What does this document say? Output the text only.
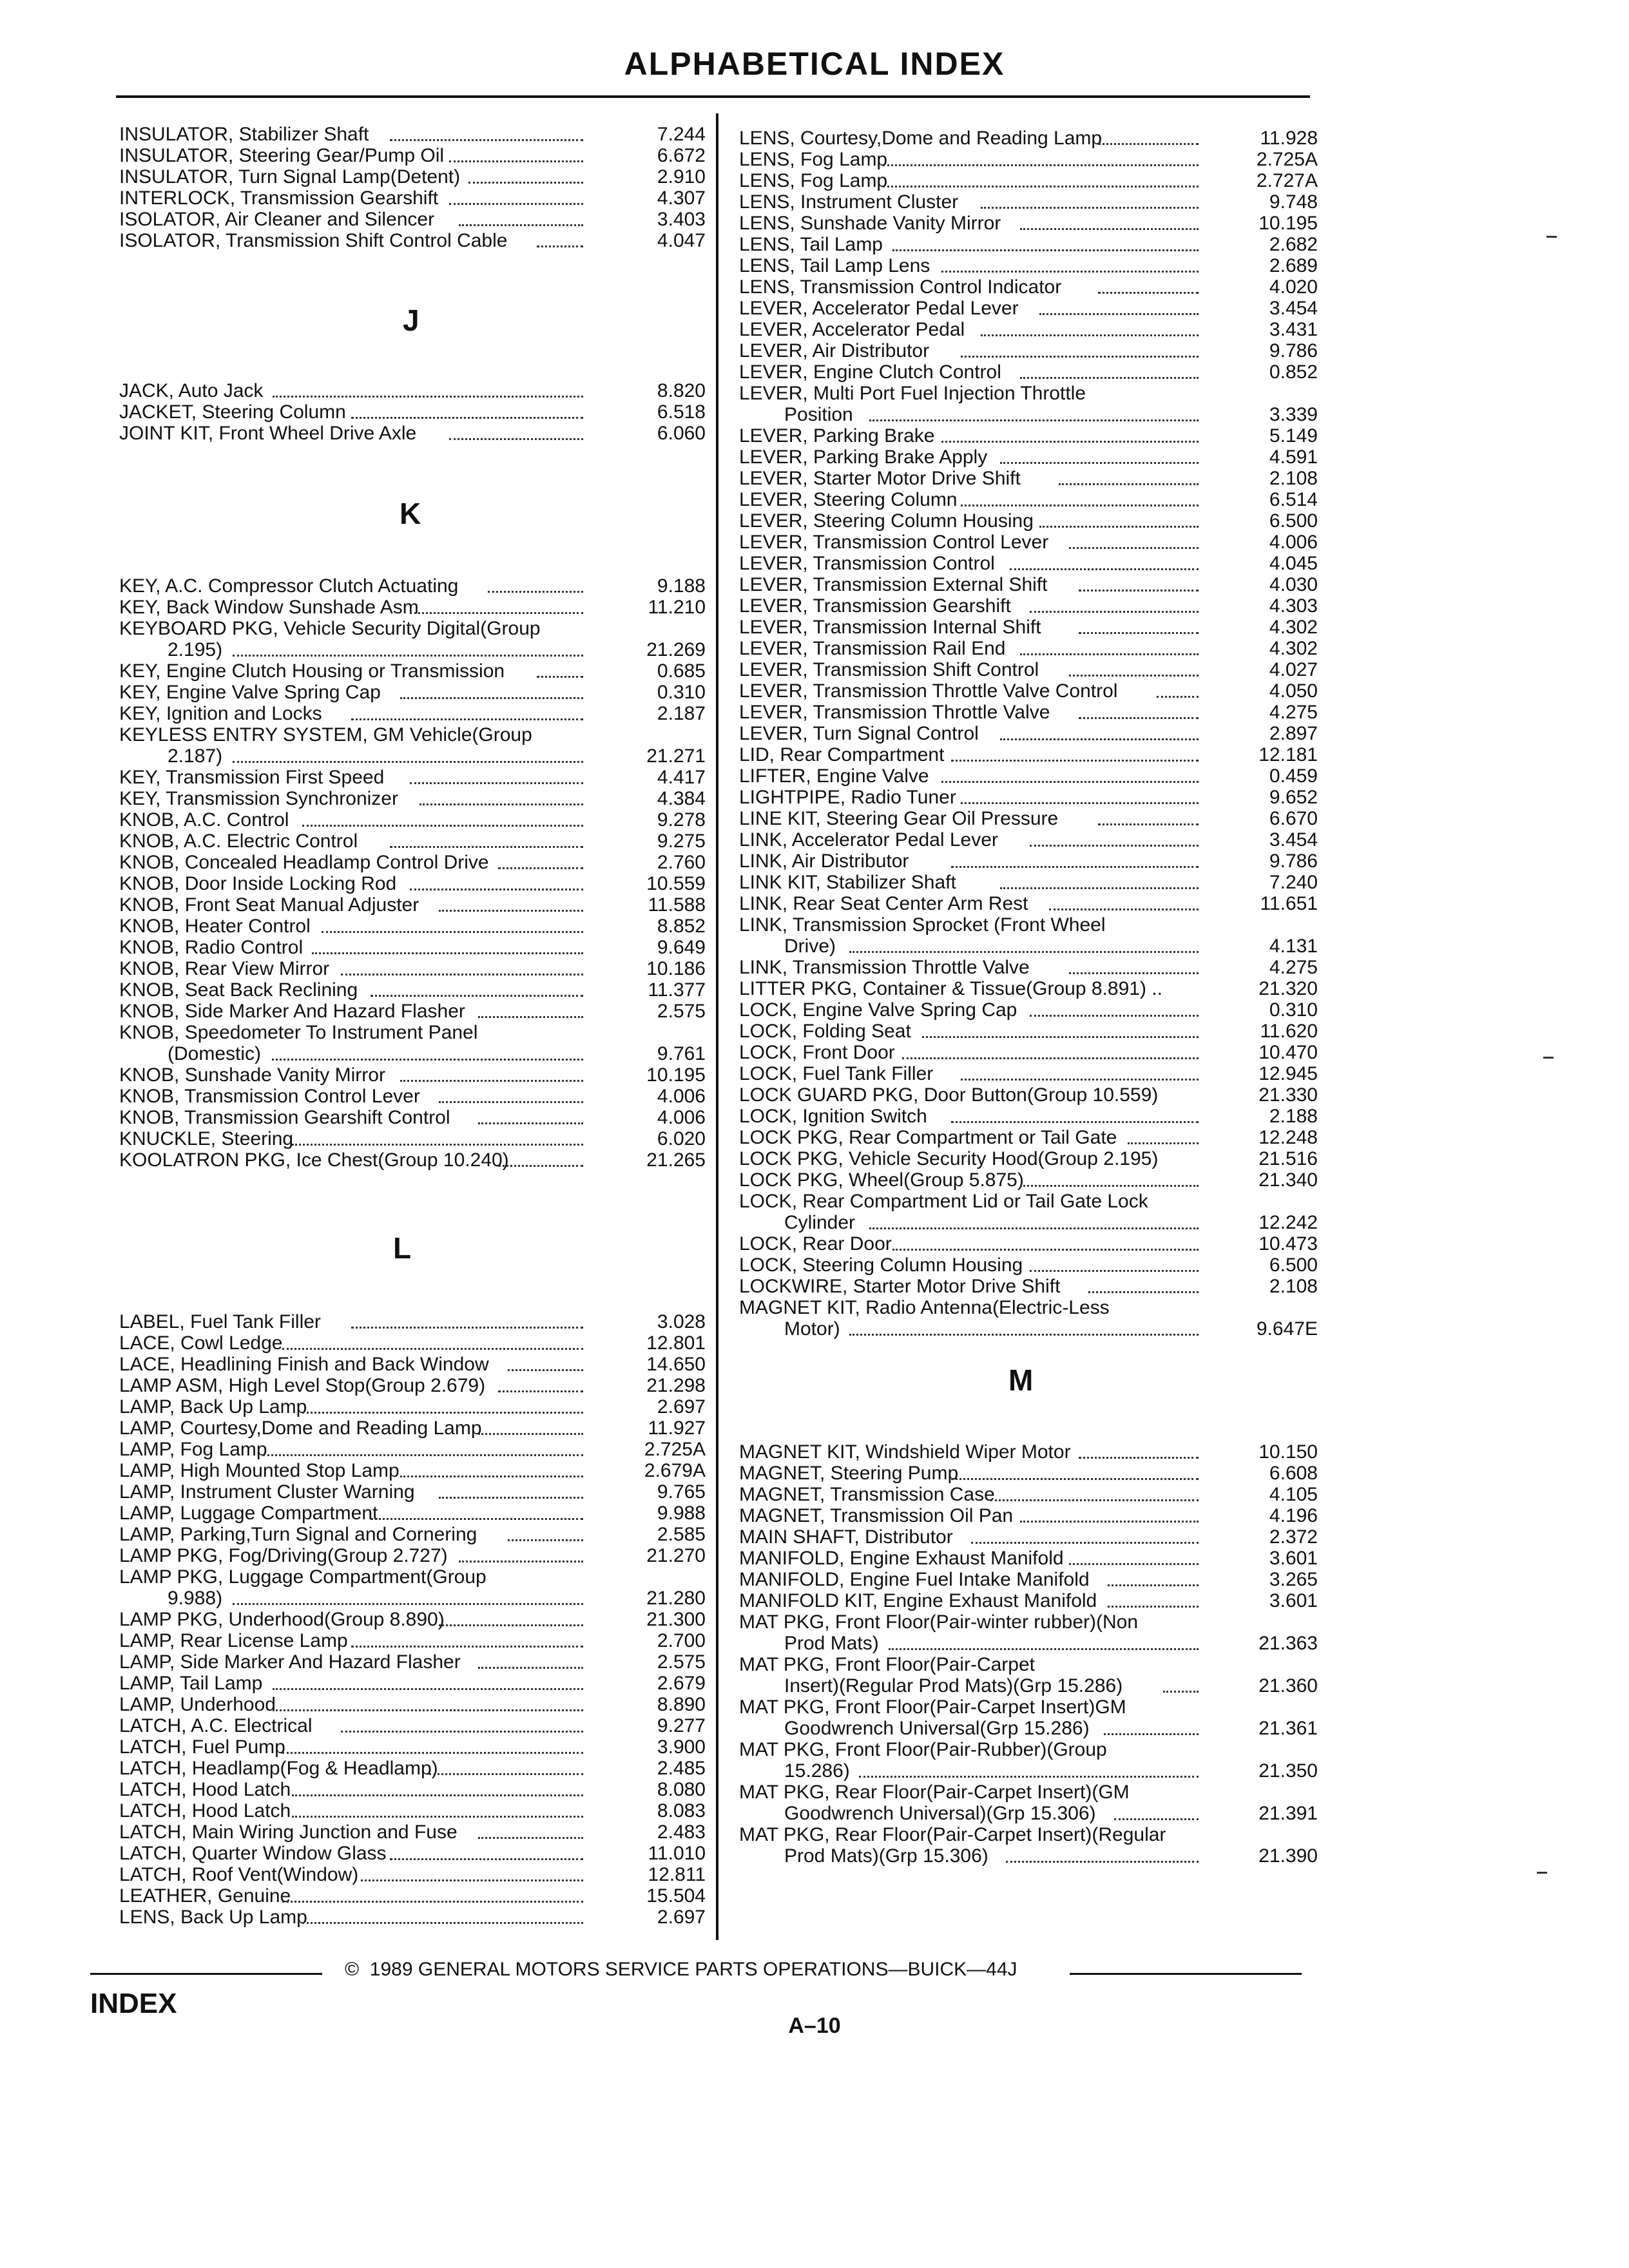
ALPHABETICAL INDEX
J
K
L
INSULATOR, Stabilizer Shaft	7.244
INSULATOR, Steering Gear/Pump Oil	6.672
INSULATOR, Turn Signal Lamp(Detent)	2.910
INTERLOCK, Transmission Gearshift	4.307
ISOLATOR, Air Cleaner and Silencer	3.403
ISOLATOR, Transmission Shift Control Cable	4.047
JACK, Auto Jack	8.820
JACKET, Steering Column	6.518
JOINT KIT, Front Wheel Drive Axle	6.060
KEY, A.C. Compressor Clutch Actuating	9.188
KEY, Back Window Sunshade Asm	11.210
KEYBOARD PKG, Vehicle Security Digital(Group
2.195)	21.269
KEY, Engine Clutch Housing or Transmission	0.685
KEY, Engine Valve Spring Cap	0.310
KEY, Ignition and Locks	2.187
KEYLESS ENTRY SYSTEM, GM Vehicle(Group
2.187)	21.271
KEY, Transmission First Speed	4.417
KEY, Transmission Synchronizer	4.384
KNOB, A.C. Control	9.278
KNOB, A.C. Electric Control	9.275
KNOB, Concealed Headlamp Control Drive	2.760
KNOB, Door Inside Locking Rod	10.559
KNOB, Front Seat Manual Adjuster	11.588
KNOB, Heater Control	8.852
KNOB, Radio Control	9.649
KNOB, Rear View Mirror	10.186
KNOB, Seat Back Reclining	11.377
KNOB, Side Marker And Hazard Flasher	2.575
KNOB, Speedometer To Instrument Panel
(Domestic)	9.761
KNOB, Sunshade Vanity Mirror	10.195
KNOB, Transmission Control Lever	4.006
KNOB, Transmission Gearshift Control	4.006
KNUCKLE, Steering	6.020
KOOLATRON PKG, Ice Chest(Group 10.240)	21.265
LABEL, Fuel Tank Filler	3.028
LACE, Cowl Ledge	12.801
LACE, Headlining Finish and Back Window	14.650
LAMP ASM, High Level Stop(Group 2.679)	21.298
LAMP, Back Up Lamp	2.697
LAMP, Courtesy,Dome and Reading Lamp	11.927
LAMP, Fog Lamp	2.725A
LAMP, High Mounted Stop Lamp	2.679A
LAMP, Instrument Cluster Warning	9.765
LAMP, Luggage Compartment	9.988
LAMP, Parking,Turn Signal and Cornering	2.585
LAMP PKG, Fog/Driving(Group 2.727)	21.270
LAMP PKG, Luggage Compartment(Group
9.988)	21.280
LAMP PKG, Underhood(Group 8.890)	21.300
LAMP, Rear License Lamp	2.700
LAMP, Side Marker And Hazard Flasher	2.575
LAMP, Tail Lamp	2.679
LAMP, Underhood	8.890
LATCH, A.C. Electrical	9.277
LATCH, Fuel Pump	3.900
LATCH, Headlamp(Fog & Headlamp)	2.485
LATCH, Hood Latch	8.080
LATCH, Hood Latch	8.083
LATCH, Main Wiring Junction and Fuse	2.483
LATCH, Quarter Window Glass	11.010
LATCH, Roof Vent(Window)	12.811
LEATHER, Genuine	15.504
LENS, Back Up Lamp	2.697
M
LENS, Courtesy,Dome and Reading Lamp	11.928
LENS, Fog Lamp	2.725A
LENS, Fog Lamp	2.727A
LENS, Instrument Cluster	9.748
LENS, Sunshade Vanity Mirror	10.195
LENS, Tail Lamp	2.682
LENS, Tail Lamp Lens	2.689
LENS, Transmission Control Indicator	4.020
LEVER, Accelerator Pedal Lever	3.454
LEVER, Accelerator Pedal	3.431
LEVER, Air Distributor	9.786
LEVER, Engine Clutch Control	0.852
LEVER, Multi Port Fuel Injection Throttle
Position	3.339
LEVER, Parking Brake	5.149
LEVER, Parking Brake Apply	4.591
LEVER, Starter Motor Drive Shift	2.108
LEVER, Steering Column	6.514
LEVER, Steering Column Housing	6.500
LEVER, Transmission Control Lever	4.006
LEVER, Transmission Control	4.045
LEVER, Transmission External Shift	4.030
LEVER, Transmission Gearshift	4.303
LEVER, Transmission Internal Shift	4.302
LEVER, Transmission Rail End	4.302
LEVER, Transmission Shift Control	4.027
LEVER, Transmission Throttle Valve Control	4.050
LEVER, Transmission Throttle Valve	4.275
LEVER, Turn Signal Control	2.897
LID, Rear Compartment	12.181
LIFTER, Engine Valve	0.459
LIGHTPIPE, Radio Tuner	9.652
LINE KIT, Steering Gear Oil Pressure	6.670
LINK, Accelerator Pedal Lever	3.454
LINK, Air Distributor	9.786
LINK KIT, Stabilizer Shaft	7.240
LINK, Rear Seat Center Arm Rest	11.651
LINK, Transmission Sprocket (Front Wheel
Drive)	4.131
LINK, Transmission Throttle Valve	4.275
LITTER PKG, Container & Tissue(Group 8.891) ..	21.320
LOCK, Engine Valve Spring Cap	0.310
LOCK, Folding Seat	11.620
LOCK, Front Door	10.470
LOCK, Fuel Tank Filler	12.945
LOCK GUARD PKG, Door Button(Group 10.559)	21.330
LOCK, Ignition Switch	2.188
LOCK PKG, Rear Compartment or Tail Gate	12.248
LOCK PKG, Vehicle Security Hood(Group 2.195)	21.516
LOCK PKG, Wheel(Group 5.875)	21.340
LOCK, Rear Compartment Lid or Tail Gate Lock
Cylinder	12.242
LOCK, Rear Door	10.473
LOCK, Steering Column Housing	6.500
LOCKWIRE, Starter Motor Drive Shift	2.108
MAGNET KIT, Radio Antenna(Electric-Less
Motor)	9.647E
MAGNET KIT, Windshield Wiper Motor	10.150
MAGNET, Steering Pump	6.608
MAGNET, Transmission Case	4.105
MAGNET, Transmission Oil Pan	4.196
MAIN SHAFT, Distributor	2.372
MANIFOLD, Engine Exhaust Manifold	3.601
MANIFOLD, Engine Fuel Intake Manifold	3.265
MANIFOLD KIT, Engine Exhaust Manifold	3.601
MAT PKG, Front Floor(Pair-winter rubber)(Non
Prod Mats)	21.363
MAT PKG, Front Floor(Pair-Carpet
Insert)(Regular Prod Mats)(Grp 15.286)	21.360
MAT PKG, Front Floor(Pair-Carpet Insert)GM
Goodwrench Universal(Grp 15.286)	21.361
MAT PKG, Front Floor(Pair-Rubber)(Group
15.286)	21.350
MAT PKG, Rear Floor(Pair-Carpet Insert)(GM
Goodwrench Universal)(Grp 15.306)	21.391
MAT PKG, Rear Floor(Pair-Carpet Insert)(Regular
Prod Mats)(Grp 15.306)	21.390
© 1989 GENERAL MOTORS SERVICE PARTS OPERATIONS—BUICK—44J
INDEX
A–10
